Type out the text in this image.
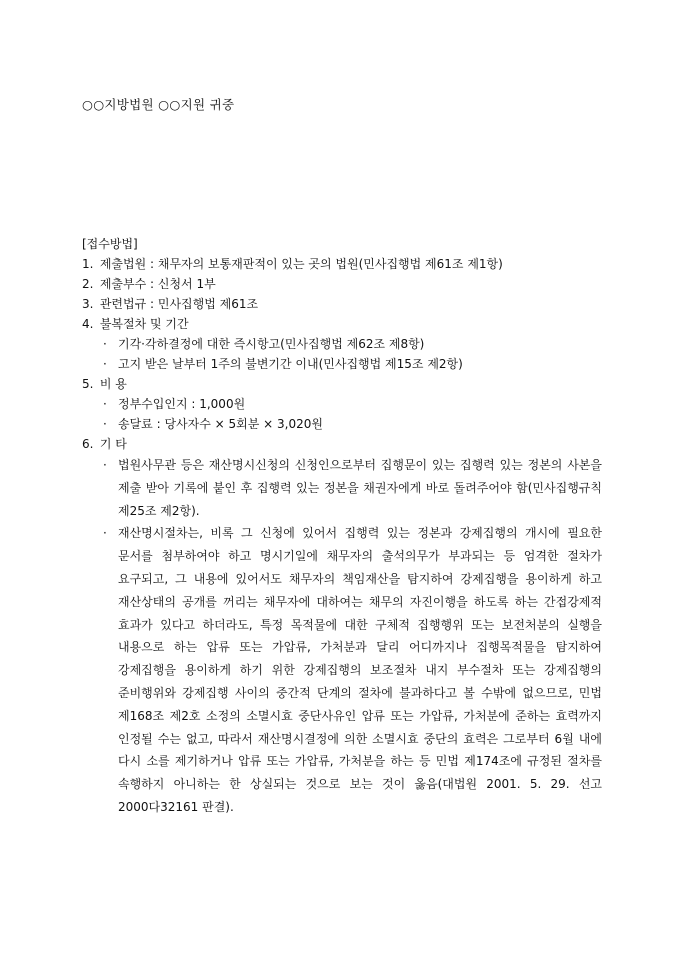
○○지방법원 ○○지원 귀중
[접수방법]
1. 제출법원 : 채무자의 보통재판적이 있는 곳의 법원(민사집행법 제61조 제1항)
2. 제출부수 : 신청서 1부
3. 관련법규 : 민사집행법 제61조
4. 불복절차 및 기간
· 기각·각하결정에 대한 즉시항고(민사집행법 제62조 제8항)
· 고지 받은 날부터 1주의 불변기간 이내(민사집행법 제15조 제2항)
5. 비 용
· 정부수입인지 : 1,000원
· 송달료 : 당사자수 × 5회분 × 3,020원
6. 기 타
· 법원사무관 등은 재산명시신청의 신청인으로부터 집행문이 있는 집행력 있는 정본의 사본을 제출 받아 기록에 붙인 후 집행력 있는 정본을 채권자에게 바로 돌려주어야 함(민사집행규칙 제25조 제2항).
· 재산명시절차는, 비록 그 신청에 있어서 집행력 있는 정본과 강제집행의 개시에 필요한 문서를 첨부하여야 하고 명시기일에 채무자의 출석의무가 부과되는 등 엄격한 절차가 요구되고, 그 내용에 있어서도 채무자의 책임재산을 탐지하여 강제집행을 용이하게 하고 재산상태의 공개를 꺼리는 채무자에 대하여는 채무의 자진이행을 하도록 하는 간접강제적 효과가 있다고 하더라도, 특정 목적물에 대한 구체적 집행행위 또는 보전처분의 실행을 내용으로 하는 압류 또는 가압류, 가처분과 달리 어디까지나 집행목적물을 탐지하여 강제집행을 용이하게 하기 위한 강제집행의 보조절차 내지 부수절차 또는 강제집행의 준비행위와 강제집행 사이의 중간적 단계의 절차에 불과하다고 볼 수밖에 없으므로, 민법 제168조 제2호 소정의 소멸시효 중단사유인 압류 또는 가압류, 가처분에 준하는 효력까지 인정될 수는 없고, 따라서 재산명시결정에 의한 소멸시효 중단의 효력은 그로부터 6월 내에 다시 소를 제기하거나 압류 또는 가압류, 가처분을 하는 등 민법 제174조에 규정된 절차를 속행하지 아니하는 한 상실되는 것으로 보는 것이 옳음(대법원 2001. 5. 29. 선고 2000다32161 판결).
